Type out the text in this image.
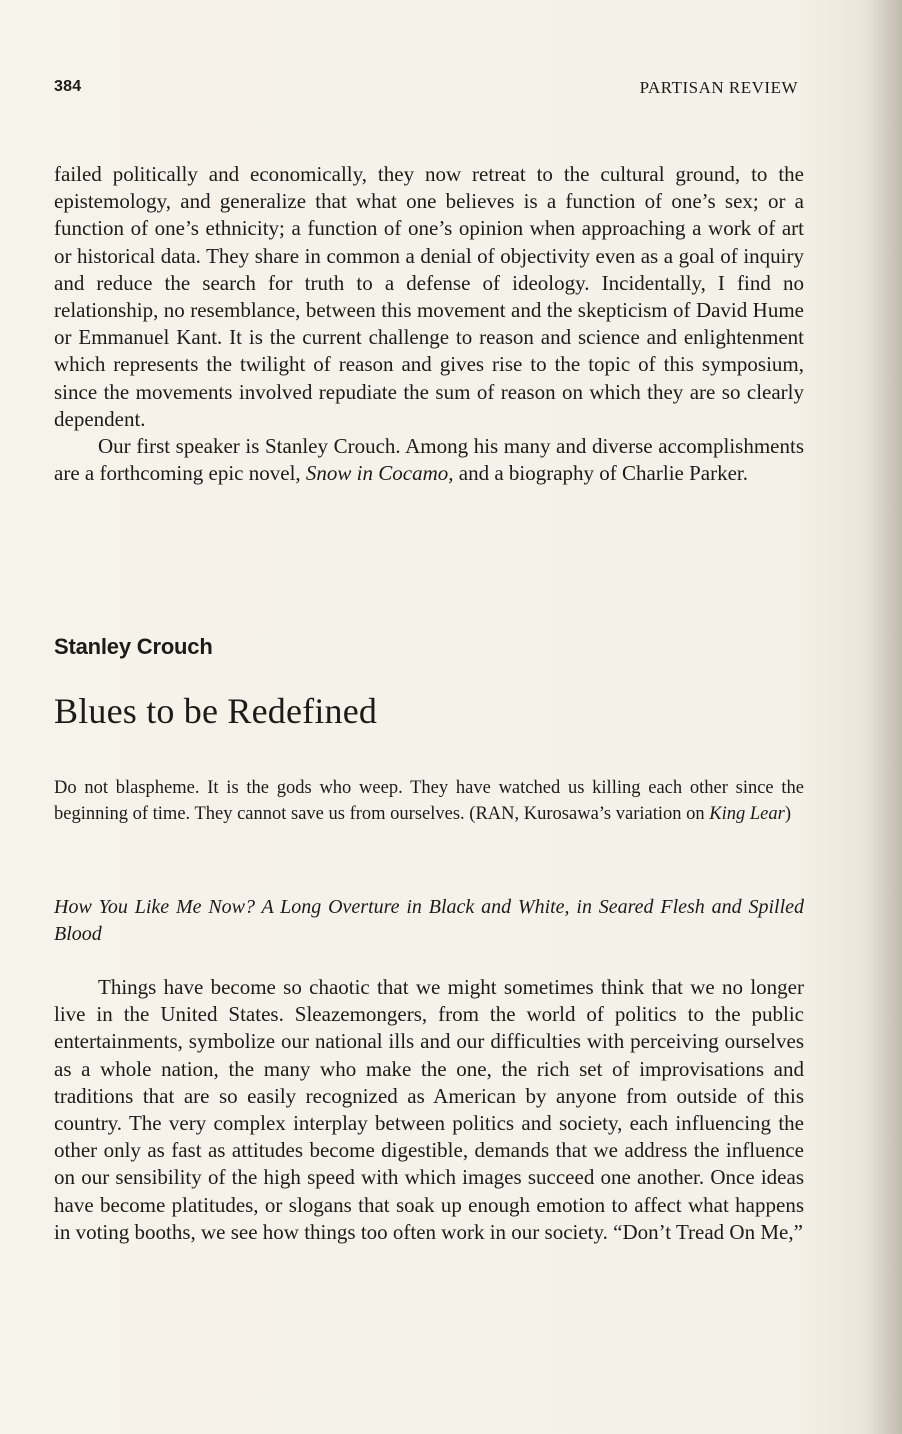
384	PARTISAN REVIEW

failed politically and economically, they now retreat to the cultural ground, to the epistemology, and generalize that what one believes is a function of one’s sex; or a function of one’s ethnicity; a function of one’s opinion when approaching a work of art or historical data. They share in common a denial of objectivity even as a goal of inquiry and reduce the search for truth to a defense of ideology. Incidentally, I find no relationship, no resemblance, between this movement and the skepticism of David Hume or Emmanuel Kant. It is the current challenge to reason and science and enlightenment which represents the twilight of reason and gives rise to the topic of this symposium, since the movements involved repudiate the sum of reason on which they are so clearly dependent.

Our first speaker is Stanley Crouch. Among his many and diverse accomplishments are a forthcoming epic novel, Snow in Cocamo, and a biography of Charlie Parker.

Stanley Crouch
Blues to be Redefined
Do not blaspheme. It is the gods who weep. They have watched us killing each other since the beginning of time. They cannot save us from ourselves. (RAN, Kurosawa’s variation on King Lear)
How You Like Me Now? A Long Overture in Black and White, in Seared Flesh and Spilled Blood

Things have become so chaotic that we might sometimes think that we no longer live in the United States. Sleazemongers, from the world of politics to the public entertainments, symbolize our national ills and our difficulties with perceiving ourselves as a whole nation, the many who make the one, the rich set of improvisations and traditions that are so easily recognized as American by anyone from outside of this country. The very complex interplay between politics and society, each influencing the other only as fast as attitudes become digestible, demands that we address the influence on our sensibility of the high speed with which images succeed one another. Once ideas have become platitudes, or slogans that soak up enough emotion to affect what happens in voting booths, we see how things too often work in our society. “Don’t Tread On Me,”
